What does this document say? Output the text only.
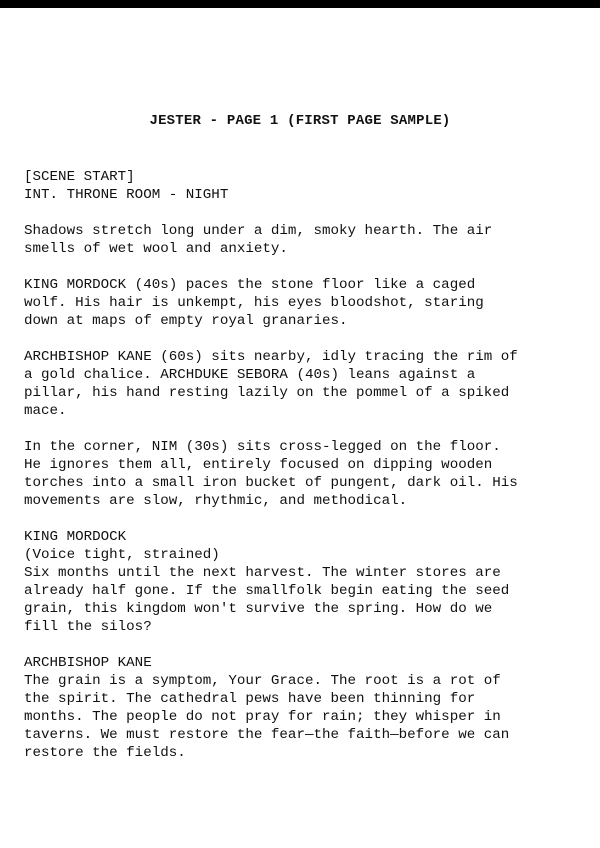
JESTER - PAGE 1 (FIRST PAGE SAMPLE)
[SCENE START]
INT. THRONE ROOM - NIGHT
Shadows stretch long under a dim, smoky hearth. The air
smells of wet wool and anxiety.
KING MORDOCK (40s) paces the stone floor like a caged
wolf. His hair is unkempt, his eyes bloodshot, staring
down at maps of empty royal granaries.
ARCHBISHOP KANE (60s) sits nearby, idly tracing the rim of
a gold chalice. ARCHDUKE SEBORA (40s) leans against a
pillar, his hand resting lazily on the pommel of a spiked
mace.
In the corner, NIM (30s) sits cross-legged on the floor.
He ignores them all, entirely focused on dipping wooden
torches into a small iron bucket of pungent, dark oil. His
movements are slow, rhythmic, and methodical.
KING MORDOCK
(Voice tight, strained)
Six months until the next harvest. The winter stores are
already half gone. If the smallfolk begin eating the seed
grain, this kingdom won't survive the spring. How do we
fill the silos?
ARCHBISHOP KANE
The grain is a symptom, Your Grace. The root is a rot of
the spirit. The cathedral pews have been thinning for
months. The people do not pray for rain; they whisper in
taverns. We must restore the fear—the faith—before we can
restore the fields.
